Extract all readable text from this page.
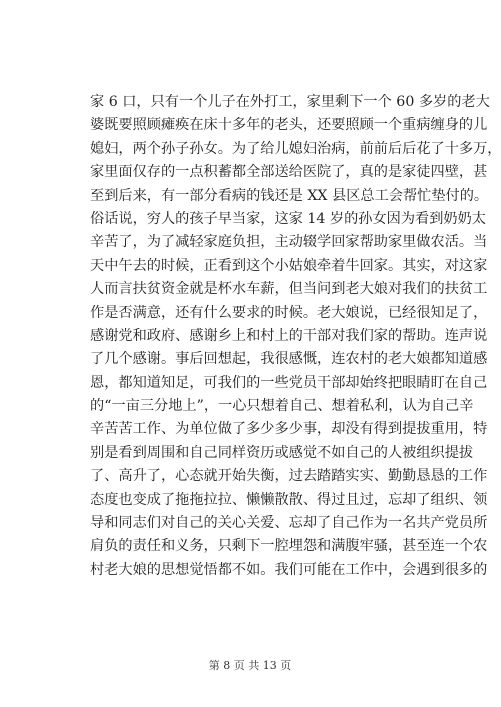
家 6 口，只有一个儿子在外打工，家里剩下一个 60 多岁的老大
婆既要照顾瘫痪在床十多年的老头，还要照顾一个重病缠身的儿
媳妇，两个孙子孙女。为了给儿媳妇治病，前前后后花了十多万，
家里面仅存的一点积蓄都全部送给医院了，真的是家徒四壁，甚
至到后来，有一部分看病的钱还是 XX 县区总工会帮忙垫付的。
俗话说，穷人的孩子早当家，这家 14 岁的孙女因为看到奶奶太
辛苦了，为了减轻家庭负担，主动辍学回家帮助家里做农活。当
天中午去的时候，正看到这个小姑娘牵着牛回家。其实，对这家
人而言扶贫资金就是杯水车薪，但当问到老大娘对我们的扶贫工
作是否满意，还有什么要求的时候。老大娘说，已经很知足了，
感谢党和政府、感谢乡上和村上的干部对我们家的帮助。连声说
了几个感谢。事后回想起，我很感慨，连农村的老大娘都知道感
恩，都知道知足，可我们的一些党员干部却始终把眼睛盯在自己
的“一亩三分地上”，一心只想着自己、想着私利，认为自己辛
辛苦苦工作、为单位做了多少多少事，却没有得到提拔重用，特
别是看到周围和自己同样资历或感觉不如自己的人被组织提拔
了、高升了，心态就开始失衡，过去踏踏实实、勤勤恳恳的工作
态度也变成了拖拖拉拉、懒懒散散、得过且过，忘却了组织、领
导和同志们对自己的关心关爱、忘却了自己作为一名共产党员所
肩负的责任和义务，只剩下一腔埋怨和满腹牢骚，甚至连一个农
村老大娘的思想觉悟都不如。我们可能在工作中，会遇到很多的
第 8 页 共 13 页
